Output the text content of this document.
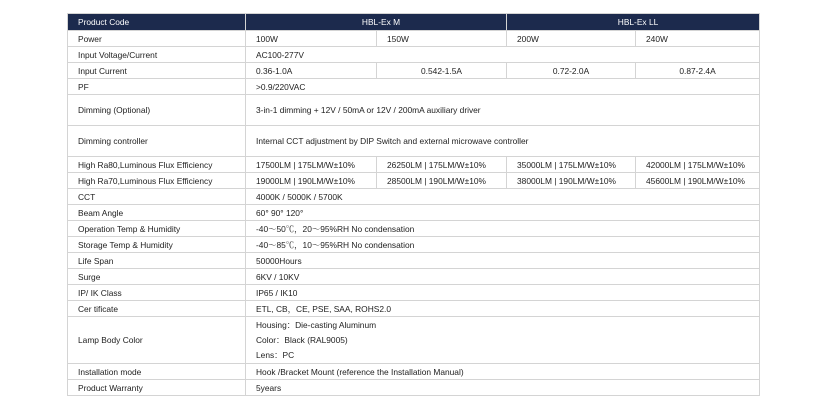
Product Code	HBL-Ex M		HBL-Ex LL	
Power	100W	150W	200W	240W
Input Voltage/Current	AC100-277V			
Input Current	0.36-1.0A	0.542-1.5A	0.72-2.0A	0.87-2.4A
PF	>0.9/220VAC			
Dimming (Optional)	3-in-1 dimming + 12V / 50mA or 12V / 200mA auxiliary driver			
Dimming controller	Internal CCT adjustment by DIP Switch and external microwave controller			
High Ra80,Luminous Flux Efficiency	17500LM | 175LM/W±10%	26250LM | 175LM/W±10%	35000LM | 175LM/W±10%	42000LM | 175LM/W±10%
High Ra70,Luminous Flux Efficiency	19000LM | 190LM/W±10%	28500LM | 190LM/W±10%	38000LM | 190LM/W±10%	45600LM | 190LM/W±10%
CCT	4000K / 5000K / 5700K			
Beam Angle	60° 90° 120°			
Operation Temp & Humidity	-40～50℃，20～95%RH No condensation			
Storage Temp & Humidity	-40～85℃，10～95%RH No condensation			
Life Span	50000Hours			
Surge	6KV / 10KV			
IP/ IK Class	IP65 / IK10			
Cer tificate	ETL, CB，CE, PSE, SAA, ROHS2.0			
Lamp Body Color	Housing：Die-casting Aluminum
Color：Black (RAL9005)
Lens：PC			

Installation mode	Hook /Bracket Mount (reference the Installation Manual)			
Product Warranty	5years			
